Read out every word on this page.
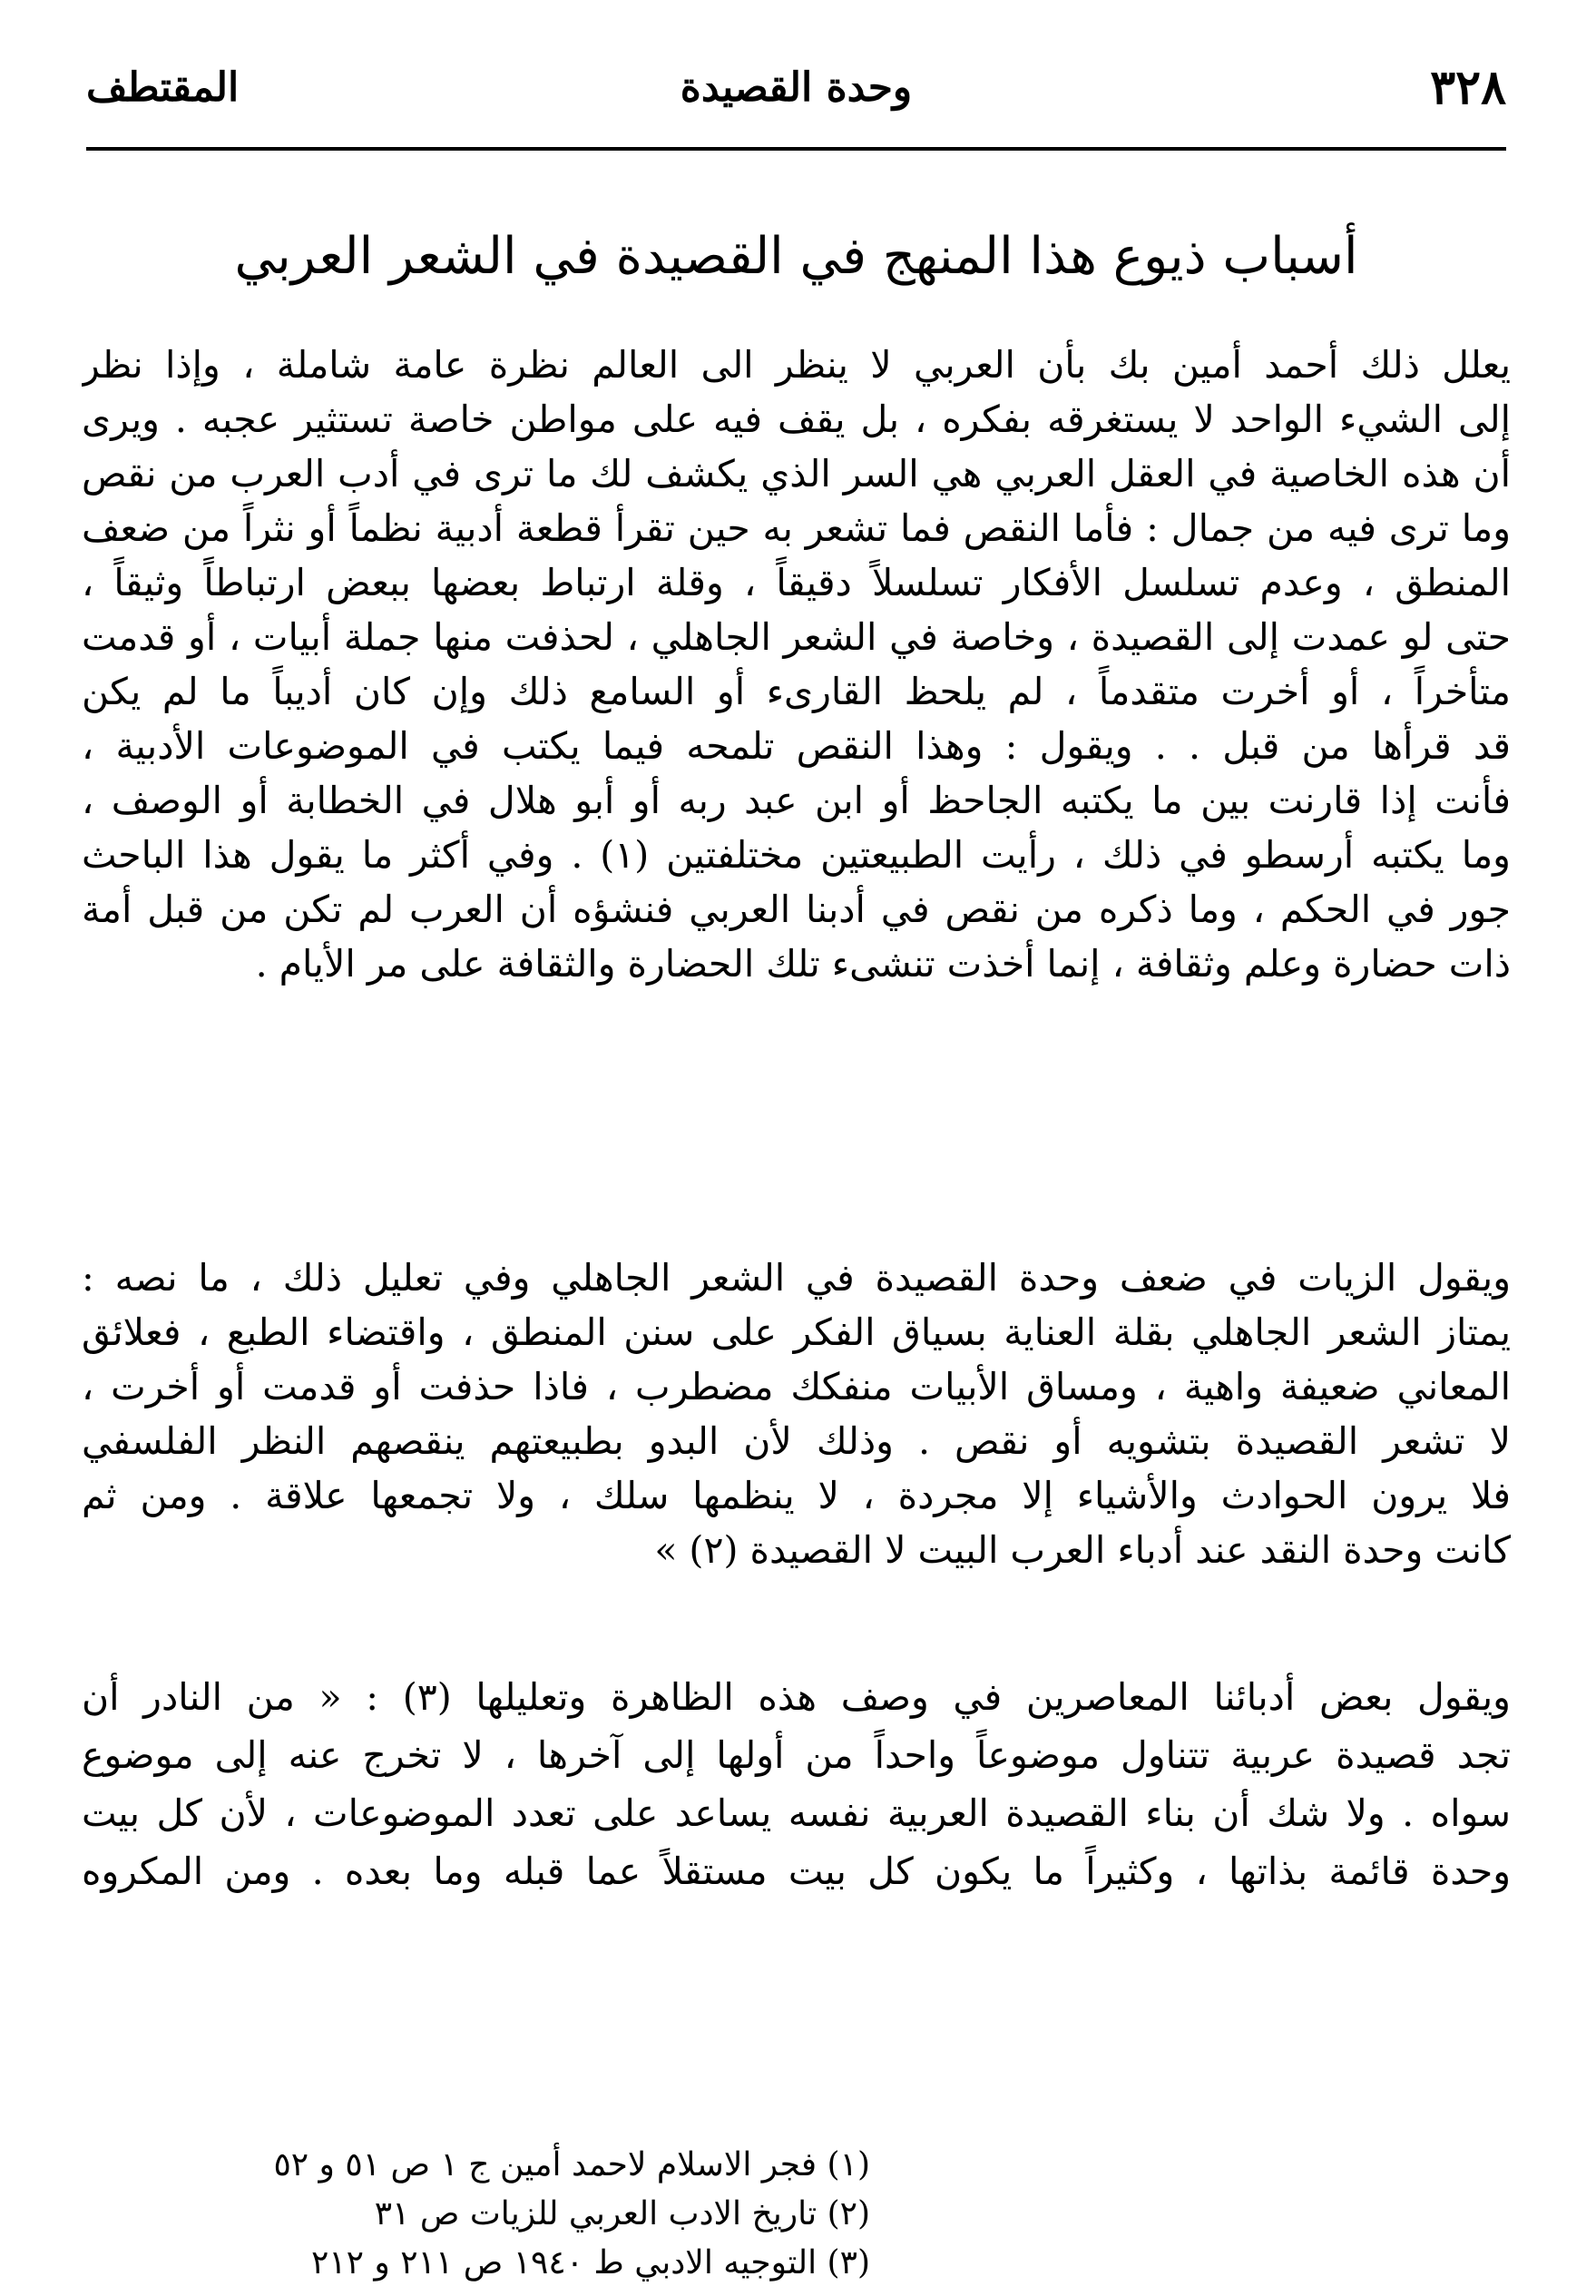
المقتطف	وحدة القصيدة	٣٢٨
أسباب ذيوع هذا المنهج في القصيدة في الشعر العربي
يعلل ذلك أحمد أمين بك بأن العربي لا ينظر الى العالم نظرة عامة شاملة ، وإذا نظر
إلى الشيء الواحد لا يستغرقه بفكره ، بل يقف فيه على مواطن خاصة تستثير عجبه . ويرى
أن هذه الخاصية في العقل العربي هي السر الذي يكشف لك ما ترى في أدب العرب من نقص
وما ترى فيه من جمال : فأما النقص فما تشعر به حين تقرأ قطعة أدبية نظماً أو نثراً من ضعف
المنطق ، وعدم تسلسل الأفكار تسلسلاً دقيقاً ، وقلة ارتباط بعضها ببعض ارتباطاً وثيقاً ،
حتى لو عمدت إلى القصيدة ، وخاصة في الشعر الجاهلي ، لحذفت منها جملة أبيات ، أو قدمت
متأخراً ، أو أخرت متقدماً ، لم يلحظ القارىء أو السامع ذلك وإن كان أديباً ما لم يكن
قد قرأها من قبل . . ويقول : وهذا النقص تلمحه فيما يكتب في الموضوعات الأدبية ،
فأنت إذا قارنت بين ما يكتبه الجاحظ أو ابن عبد ربه أو أبو هلال في الخطابة أو الوصف ،
وما يكتبه أرسطو في ذلك ، رأيت الطبيعتين مختلفتين (١) . وفي أكثر ما يقول هذا الباحث
جور في الحكم ، وما ذكره من نقص في أدبنا العربي فنشؤه أن العرب لم تكن من قبل أمة
ذات حضارة وعلم وثقافة ، إنما أخذت تنشىء تلك الحضارة والثقافة على مر الأيام .
ويقول الزيات في ضعف وحدة القصيدة في الشعر الجاهلي وفي تعليل ذلك ، ما نصه :
يمتاز الشعر الجاهلي بقلة العناية بسياق الفكر على سنن المنطق ، واقتضاء الطبع ، فعلائق
المعاني ضعيفة واهية ، ومساق الأبيات منفكك مضطرب ، فاذا حذفت أو قدمت أو أخرت ،
لا تشعر القصيدة بتشويه أو نقص . وذلك لأن البدو بطبيعتهم ينقصهم النظر الفلسفي
فلا يرون الحوادث والأشياء إلا مجردة ، لا ينظمها سلك ، ولا تجمعها علاقة . ومن ثم
كانت وحدة النقد عند أدباء العرب البيت لا القصيدة (٢) »
ويقول بعض أدبائنا المعاصرين في وصف هذه الظاهرة وتعليلها (٣) : « من النادر أن
تجد قصيدة عربية تتناول موضوعاً واحداً من أولها إلى آخرها ، لا تخرج عنه إلى موضوع
سواه . ولا شك أن بناء القصيدة العربية نفسه يساعد على تعدد الموضوعات ، لأن كل بيت
وحدة قائمة بذاتها ، وكثيراً ما يكون كل بيت مستقلاً عما قبله وما بعده . ومن المكروه
(١) فجر الاسلام لاحمد أمين ج ١ ص ٥١ و ٥٢
(٢) تاريخ الادب العربي للزيات ص ٣١
(٣) التوجيه الادبي ط ١٩٤٠ ص ٢١١ و ٢١٢
